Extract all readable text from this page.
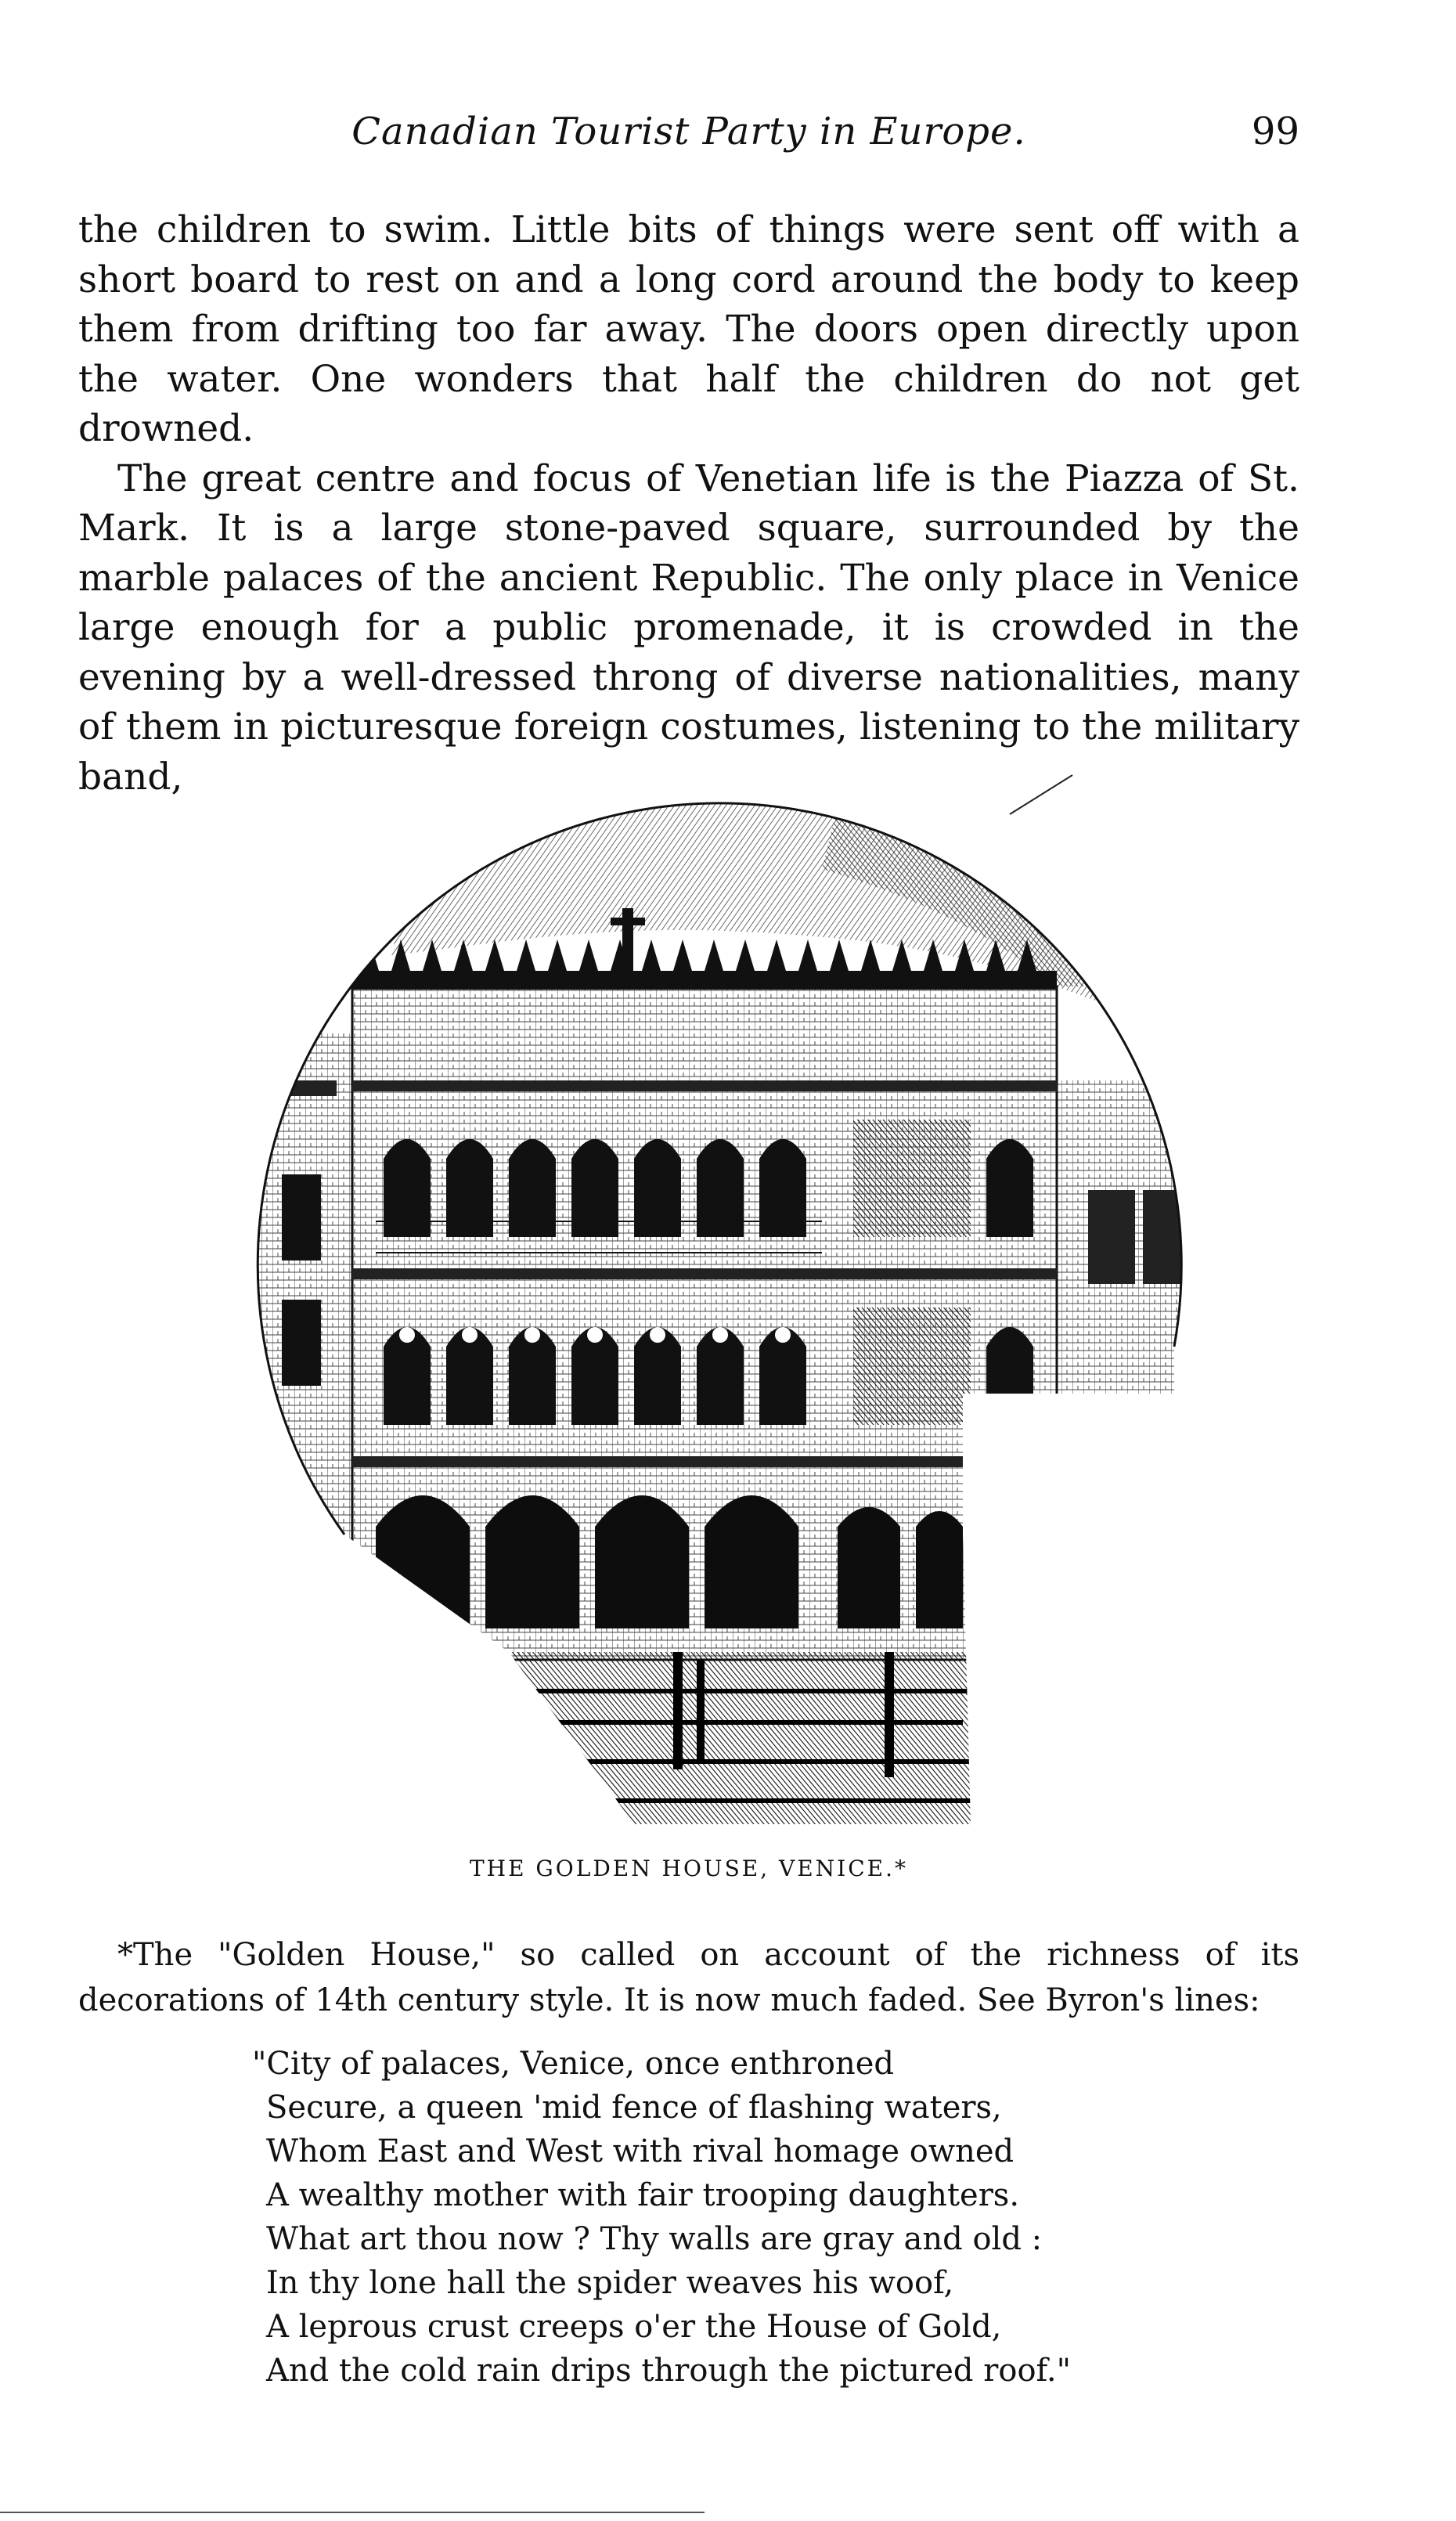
Canadian Tourist Party in Europe.	99

the children to swim. Little bits of things were sent off with a short board to rest on and a long cord around the body to keep them from drifting too far away. The doors open directly upon the water. One wonders that half the children do not get drowned.

The great centre and focus of Venetian life is the Piazza of St. Mark. It is a large stone-paved square, surrounded by the marble palaces of the ancient Republic. The only place in Venice large enough for a public promenade, it is crowded in the evening by a well-dressed throng of diverse nationalities, many of them in picturesque foreign costumes, listening to the military band,

THE GOLDEN HOUSE, VENICE.*

*The "Golden House," so called on account of the richness of its decorations of 14th century style. It is now much faded. See Byron's lines:

"City of palaces, Venice, once enthroned
Secure, a queen 'mid fence of flashing waters,
Whom East and West with rival homage owned
A wealthy mother with fair trooping daughters.
What art thou now ? Thy walls are gray and old :
In thy lone hall the spider weaves his woof,
A leprous crust creeps o'er the House of Gold,
And the cold rain drips through the pictured roof."
